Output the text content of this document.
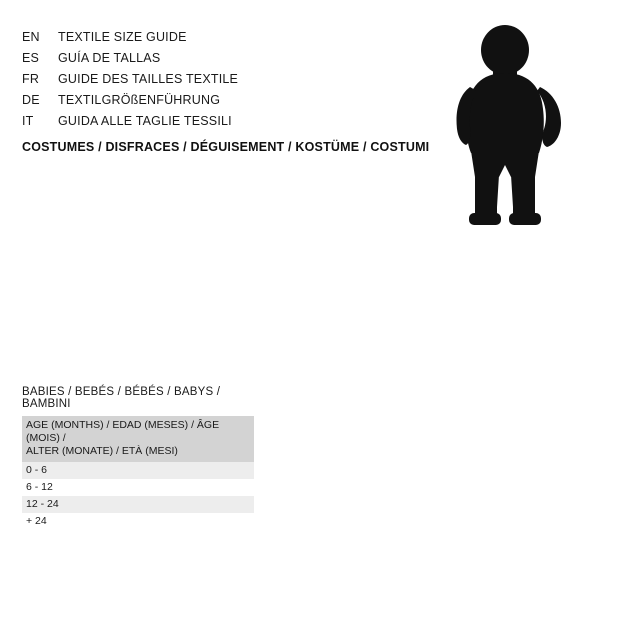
EN	TEXTILE SIZE GUIDE
ES	GUÍA DE TALLAS
FR	GUIDE DES TAILLES TEXTILE
DE	TEXTILGRÖßENFÜHRUNG
IT	GUIDA ALLE TAGLIE TESSILI
COSTUMES / DISFRACES / DÉGUISEMENT / KOSTÜME / COSTUMI
BABIES / BEBÉS / BÉBÉS / BABYS / BAMBINI
AGE (MONTHS) / EDAD (MESES) / ÂGE (MOIS) /
ALTER (MONATE) / ETÀ (MESI)
0 - 6
6 - 12
12 - 24
+ 24
